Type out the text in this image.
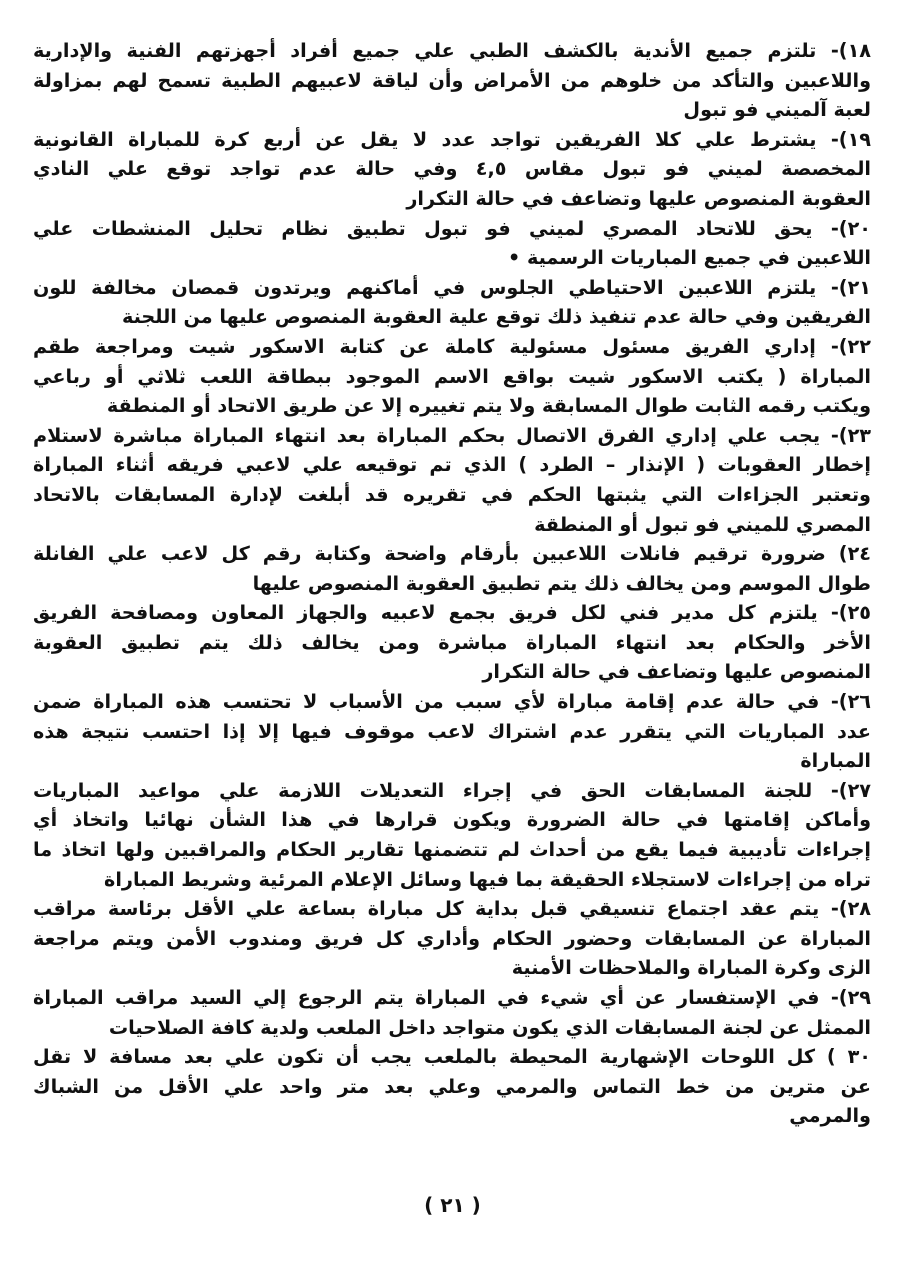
١٨)- تلتزم جميع الأندية بالكشف الطبي علي جميع أفراد أجهزتهم الفنية والإدارية
واللاعبين والتأكد من خلوهم من الأمراض وأن لياقة لاعبيهم الطبية تسمح لهم بمزاولة
لعبة آلميني فو تبول
١٩)- يشترط علي كلا الفريقين تواجد عدد لا يقل عن أربع كرة للمباراة القانونية
المخصصة لميني فو تبول مقاس ٤,٥ وفي حالة عدم تواجد توقع علي النادي
العقوبة المنصوص عليها وتضاعف في حالة التكرار
٢٠)- يحق للاتحاد المصري لميني فو تبول تطبيق نظام تحليل المنشطات علي
اللاعبين في جميع المباريات الرسمية •
٢١)- يلتزم اللاعبين الاحتياطي الجلوس في أماكنهم ويرتدون قمصان مخالفة للون
الفريقين وفي حالة عدم تنفيذ ذلك توقع علية العقوبة المنصوص عليها من اللجنة
٢٢)- إداري الفريق مسئول مسئولية كاملة عن كتابة الاسكور شيت ومراجعة طقم
المباراة ( يكتب الاسكور شيت بواقع الاسم الموجود ببطاقة اللعب ثلاثي أو رباعي
ويكتب رقمه الثابت طوال المسابقة ولا يتم تغييره إلا عن طريق الاتحاد أو المنطقة
٢٣)- يجب علي إداري الفرق الاتصال بحكم المباراة بعد انتهاء المباراة مباشرة لاستلام
إخطار العقوبات ( الإنذار – الطرد ) الذي تم توقيعه علي لاعبي فريقه أثناء المباراة
وتعتبر الجزاءات التي يثبتها الحكم في تقريره قد أبلغت لإدارة المسابقات بالاتحاد
المصري للميني فو تبول أو المنطقة
٢٤) ضرورة ترقيم فانلات اللاعبين بأرقام واضحة وكتابة رقم كل لاعب علي الفانلة
طوال الموسم ومن يخالف ذلك يتم تطبيق العقوبة المنصوص عليها
٢٥)- يلتزم كل مدير فني لكل فريق بجمع لاعبيه والجهاز المعاون ومصافحة الفريق
الأخر والحكام بعد انتهاء المباراة مباشرة ومن يخالف ذلك يتم تطبيق العقوبة
المنصوص عليها وتضاعف في حالة التكرار
٢٦)- في حالة عدم إقامة مباراة لأي سبب من الأسباب لا تحتسب هذه المباراة ضمن
عدد المباريات التي يتقرر عدم اشتراك لاعب موقوف فيها إلا إذا احتسب نتيجة هذه
المباراة
٢٧)- للجنة المسابقات الحق في إجراء التعديلات اللازمة علي مواعيد المباريات
وأماكن إقامتها في حالة الضرورة ويكون قرارها في هذا الشأن نهائيا واتخاذ أي
إجراءات تأديبية فيما يقع من أحداث لم تتضمنها تقارير الحكام والمراقبين ولها اتخاذ ما
تراه من إجراءات لاستجلاء الحقيقة بما فيها وسائل الإعلام المرئية وشريط المباراة
٢٨)- يتم عقد اجتماع تنسيقي قبل بداية كل مباراة بساعة علي الأقل برئاسة مراقب
المباراة عن المسابقات وحضور الحكام وأداري كل فريق ومندوب الأمن ويتم مراجعة
الزى وكرة المباراة والملاحظات الأمنية
٢٩)- في الإستفسار عن أي شيء في المباراة يتم الرجوع إلي السيد مراقب المباراة
الممثل عن لجنة المسابقات الذي يكون متواجد داخل الملعب ولدية كافة الصلاحيات
٣٠ ) كل اللوحات الإشهارية المحيطة بالملعب يجب أن تكون علي بعد مسافة لا تقل
عن مترين من خط التماس والمرمي وعلي بعد متر واحد علي الأقل من الشباك
والمرمي
( ٢١ )
